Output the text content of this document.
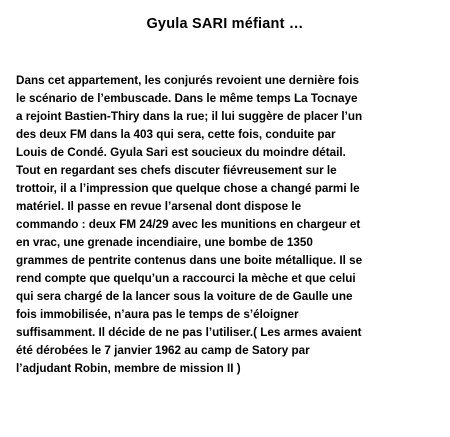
Gyula SARI méfiant …
Dans cet appartement, les conjurés revoient une dernière fois
le scénario de l’embuscade. Dans le même temps La Tocnaye
a rejoint Bastien-Thiry dans la rue; il lui suggère de placer l’un
des deux FM dans la 403 qui sera, cette fois, conduite par
Louis de Condé. Gyula Sari est soucieux du moindre détail.
Tout en regardant ses chefs discuter fiévreusement sur le
trottoir, il a l’impression que quelque chose a changé parmi le
matériel. Il passe en revue l’arsenal dont dispose le
commando : deux FM 24/29 avec les munitions en chargeur et
en vrac, une grenade incendiaire, une bombe de 1350
grammes de pentrite contenus dans une boite métallique. Il se
rend compte que quelqu’un a raccourci la mèche et que celui
qui sera chargé de la lancer sous la voiture de de Gaulle une
fois immobilisée, n’aura pas le temps de s’éloigner
suffisamment. Il décide de ne pas l’utiliser.( Les armes avaient
été dérobées le 7 janvier 1962 au camp de Satory par
l’adjudant Robin, membre de mission II )
